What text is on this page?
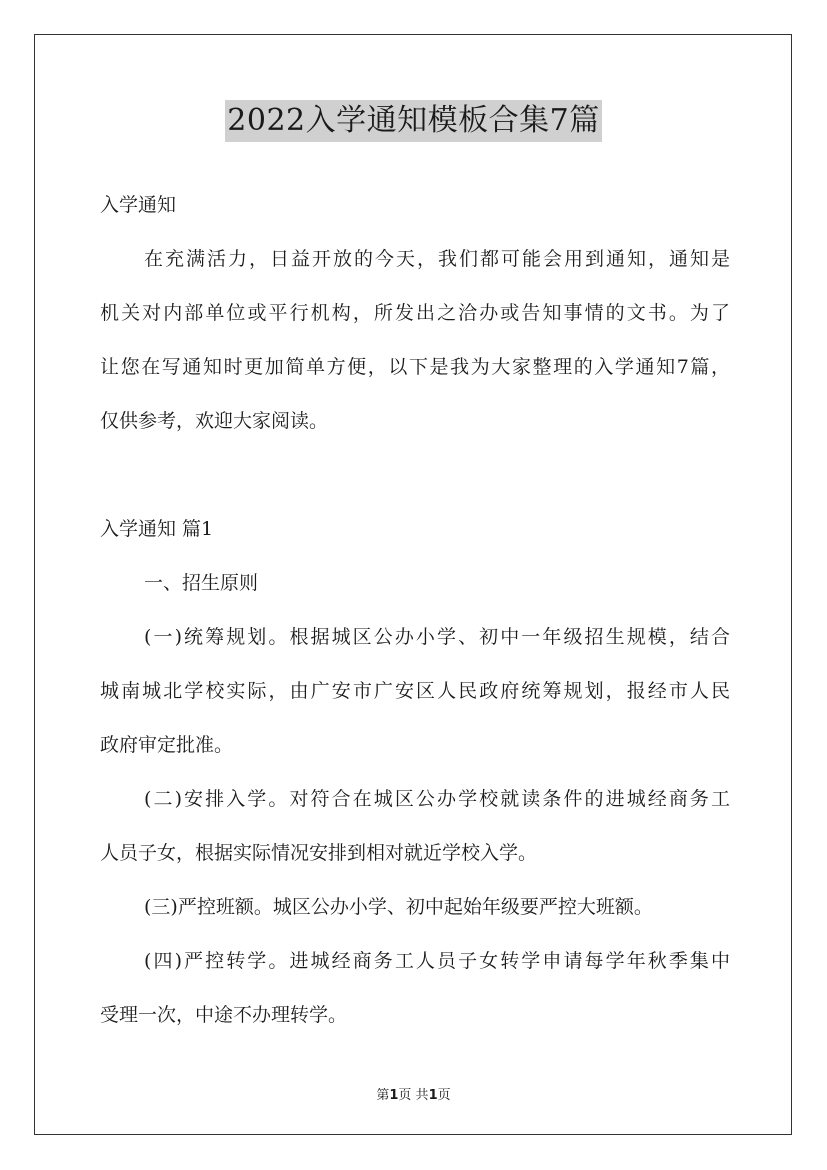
2022入学通知模板合集7篇
入学通知
在充满活力，日益开放的今天，我们都可能会用到通知，通知是
机关对内部单位或平行机构，所发出之洽办或告知事情的文书。为了
让您在写通知时更加简单方便，以下是我为大家整理的入学通知7篇，
仅供参考，欢迎大家阅读。
入学通知 篇1
一、招生原则
(一)统筹规划。根据城区公办小学、初中一年级招生规模，结合
城南城北学校实际，由广安市广安区人民政府统筹规划，报经市人民
政府审定批准。
(二)安排入学。对符合在城区公办学校就读条件的进城经商务工
人员子女，根据实际情况安排到相对就近学校入学。
(三)严控班额。城区公办小学、初中起始年级要严控大班额。
(四)严控转学。进城经商务工人员子女转学申请每学年秋季集中
受理一次，中途不办理转学。
第1页 共1页
